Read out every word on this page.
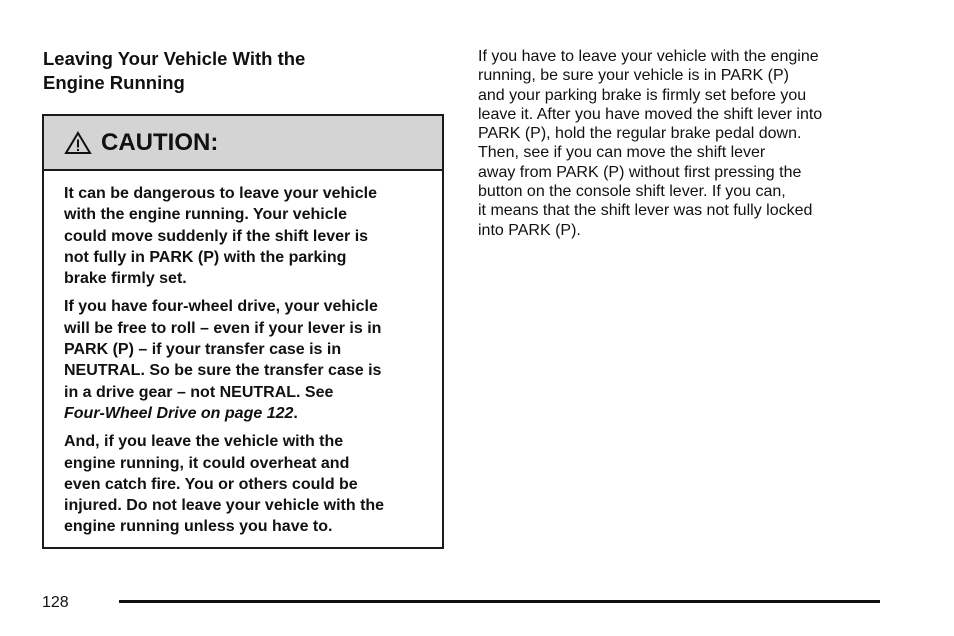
Leaving Your Vehicle With the
Engine Running
CAUTION:

It can be dangerous to leave your vehicle
with the engine running. Your vehicle
could move suddenly if the shift lever is
not fully in PARK (P) with the parking
brake firmly set.

If you have four-wheel drive, your vehicle
will be free to roll – even if your lever is in
PARK (P) – if your transfer case is in
NEUTRAL. So be sure the transfer case is
in a drive gear – not NEUTRAL. See
Four-Wheel Drive on page 122.

And, if you leave the vehicle with the
engine running, it could overheat and
even catch fire. You or others could be
injured. Do not leave your vehicle with the
engine running unless you have to.

If you have to leave your vehicle with the engine
running, be sure your vehicle is in PARK (P)
and your parking brake is firmly set before you
leave it. After you have moved the shift lever into
PARK (P), hold the regular brake pedal down.
Then, see if you can move the shift lever
away from PARK (P) without first pressing the
button on the console shift lever. If you can,
it means that the shift lever was not fully locked
into PARK (P).
128
